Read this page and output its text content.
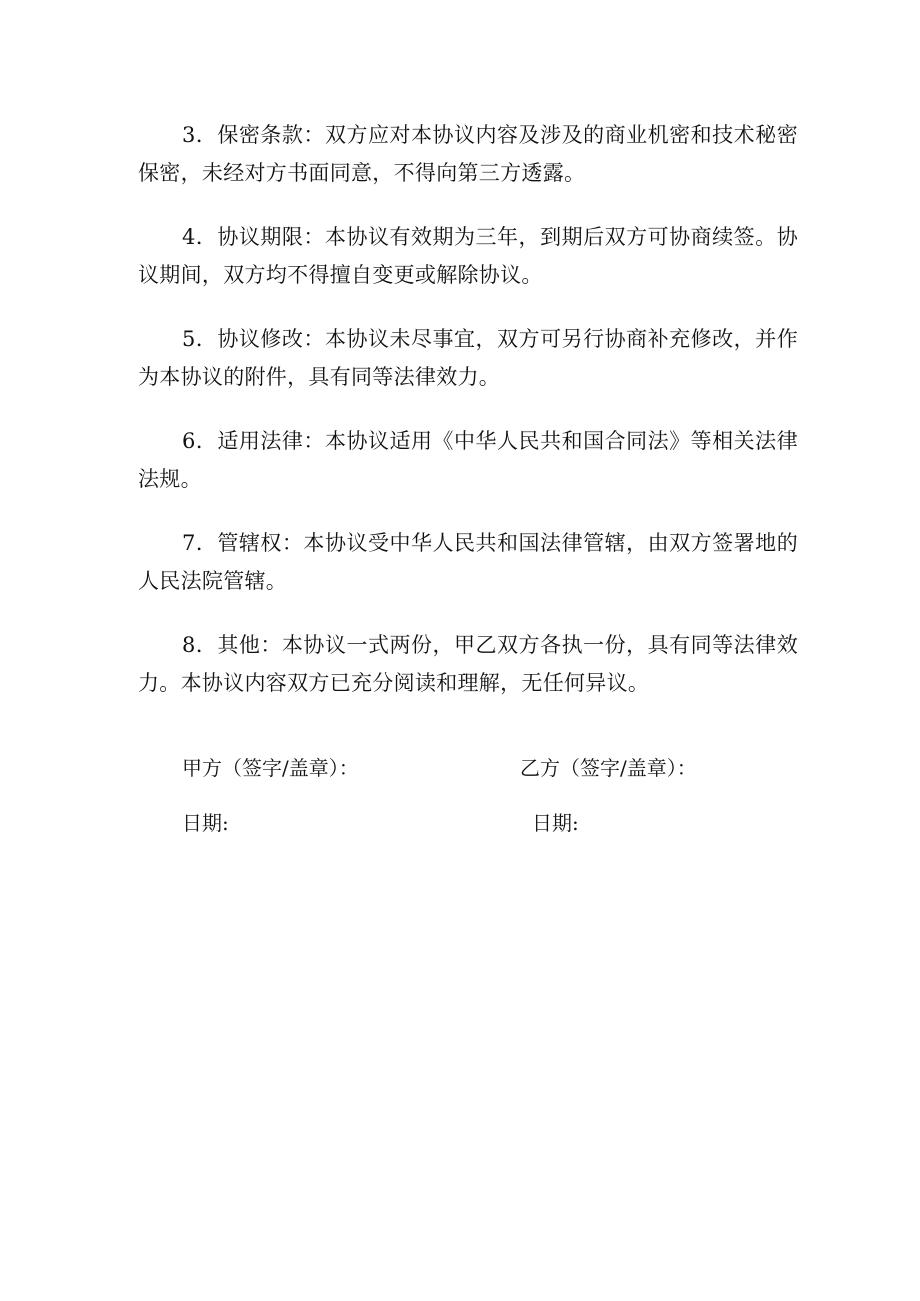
3．保密条款：双方应对本协议内容及涉及的商业机密和技术秘密保密，未经对方书面同意，不得向第三方透露。

4．协议期限：本协议有效期为三年，到期后双方可协商续签。协议期间，双方均不得擅自变更或解除协议。

5．协议修改：本协议未尽事宜，双方可另行协商补充修改，并作为本协议的附件，具有同等法律效力。

6．适用法律：本协议适用《中华人民共和国合同法》等相关法律法规。

7．管辖权：本协议受中华人民共和国法律管辖，由双方签署地的人民法院管辖。

8．其他：本协议一式两份，甲乙双方各执一份，具有同等法律效力。本协议内容双方已充分阅读和理解，无任何异议。

甲方（签字/盖章）：
日期:
乙方（签字/盖章）：
日期:
